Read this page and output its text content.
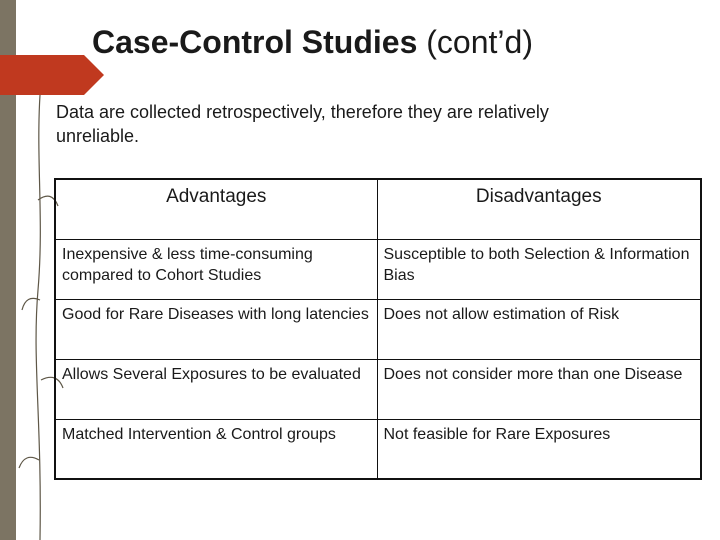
Case-Control Studies (cont’d)
Data are collected retrospectively, therefore they are relatively unreliable.
Advantages	Disadvantages
Inexpensive & less time-consuming compared to Cohort Studies	Susceptible to both Selection & Information Bias
Good for Rare Diseases with long latencies	Does not allow estimation of Risk
Allows Several Exposures to be evaluated	Does not consider more than one Disease
Matched Intervention & Control groups	Not feasible for Rare Exposures
